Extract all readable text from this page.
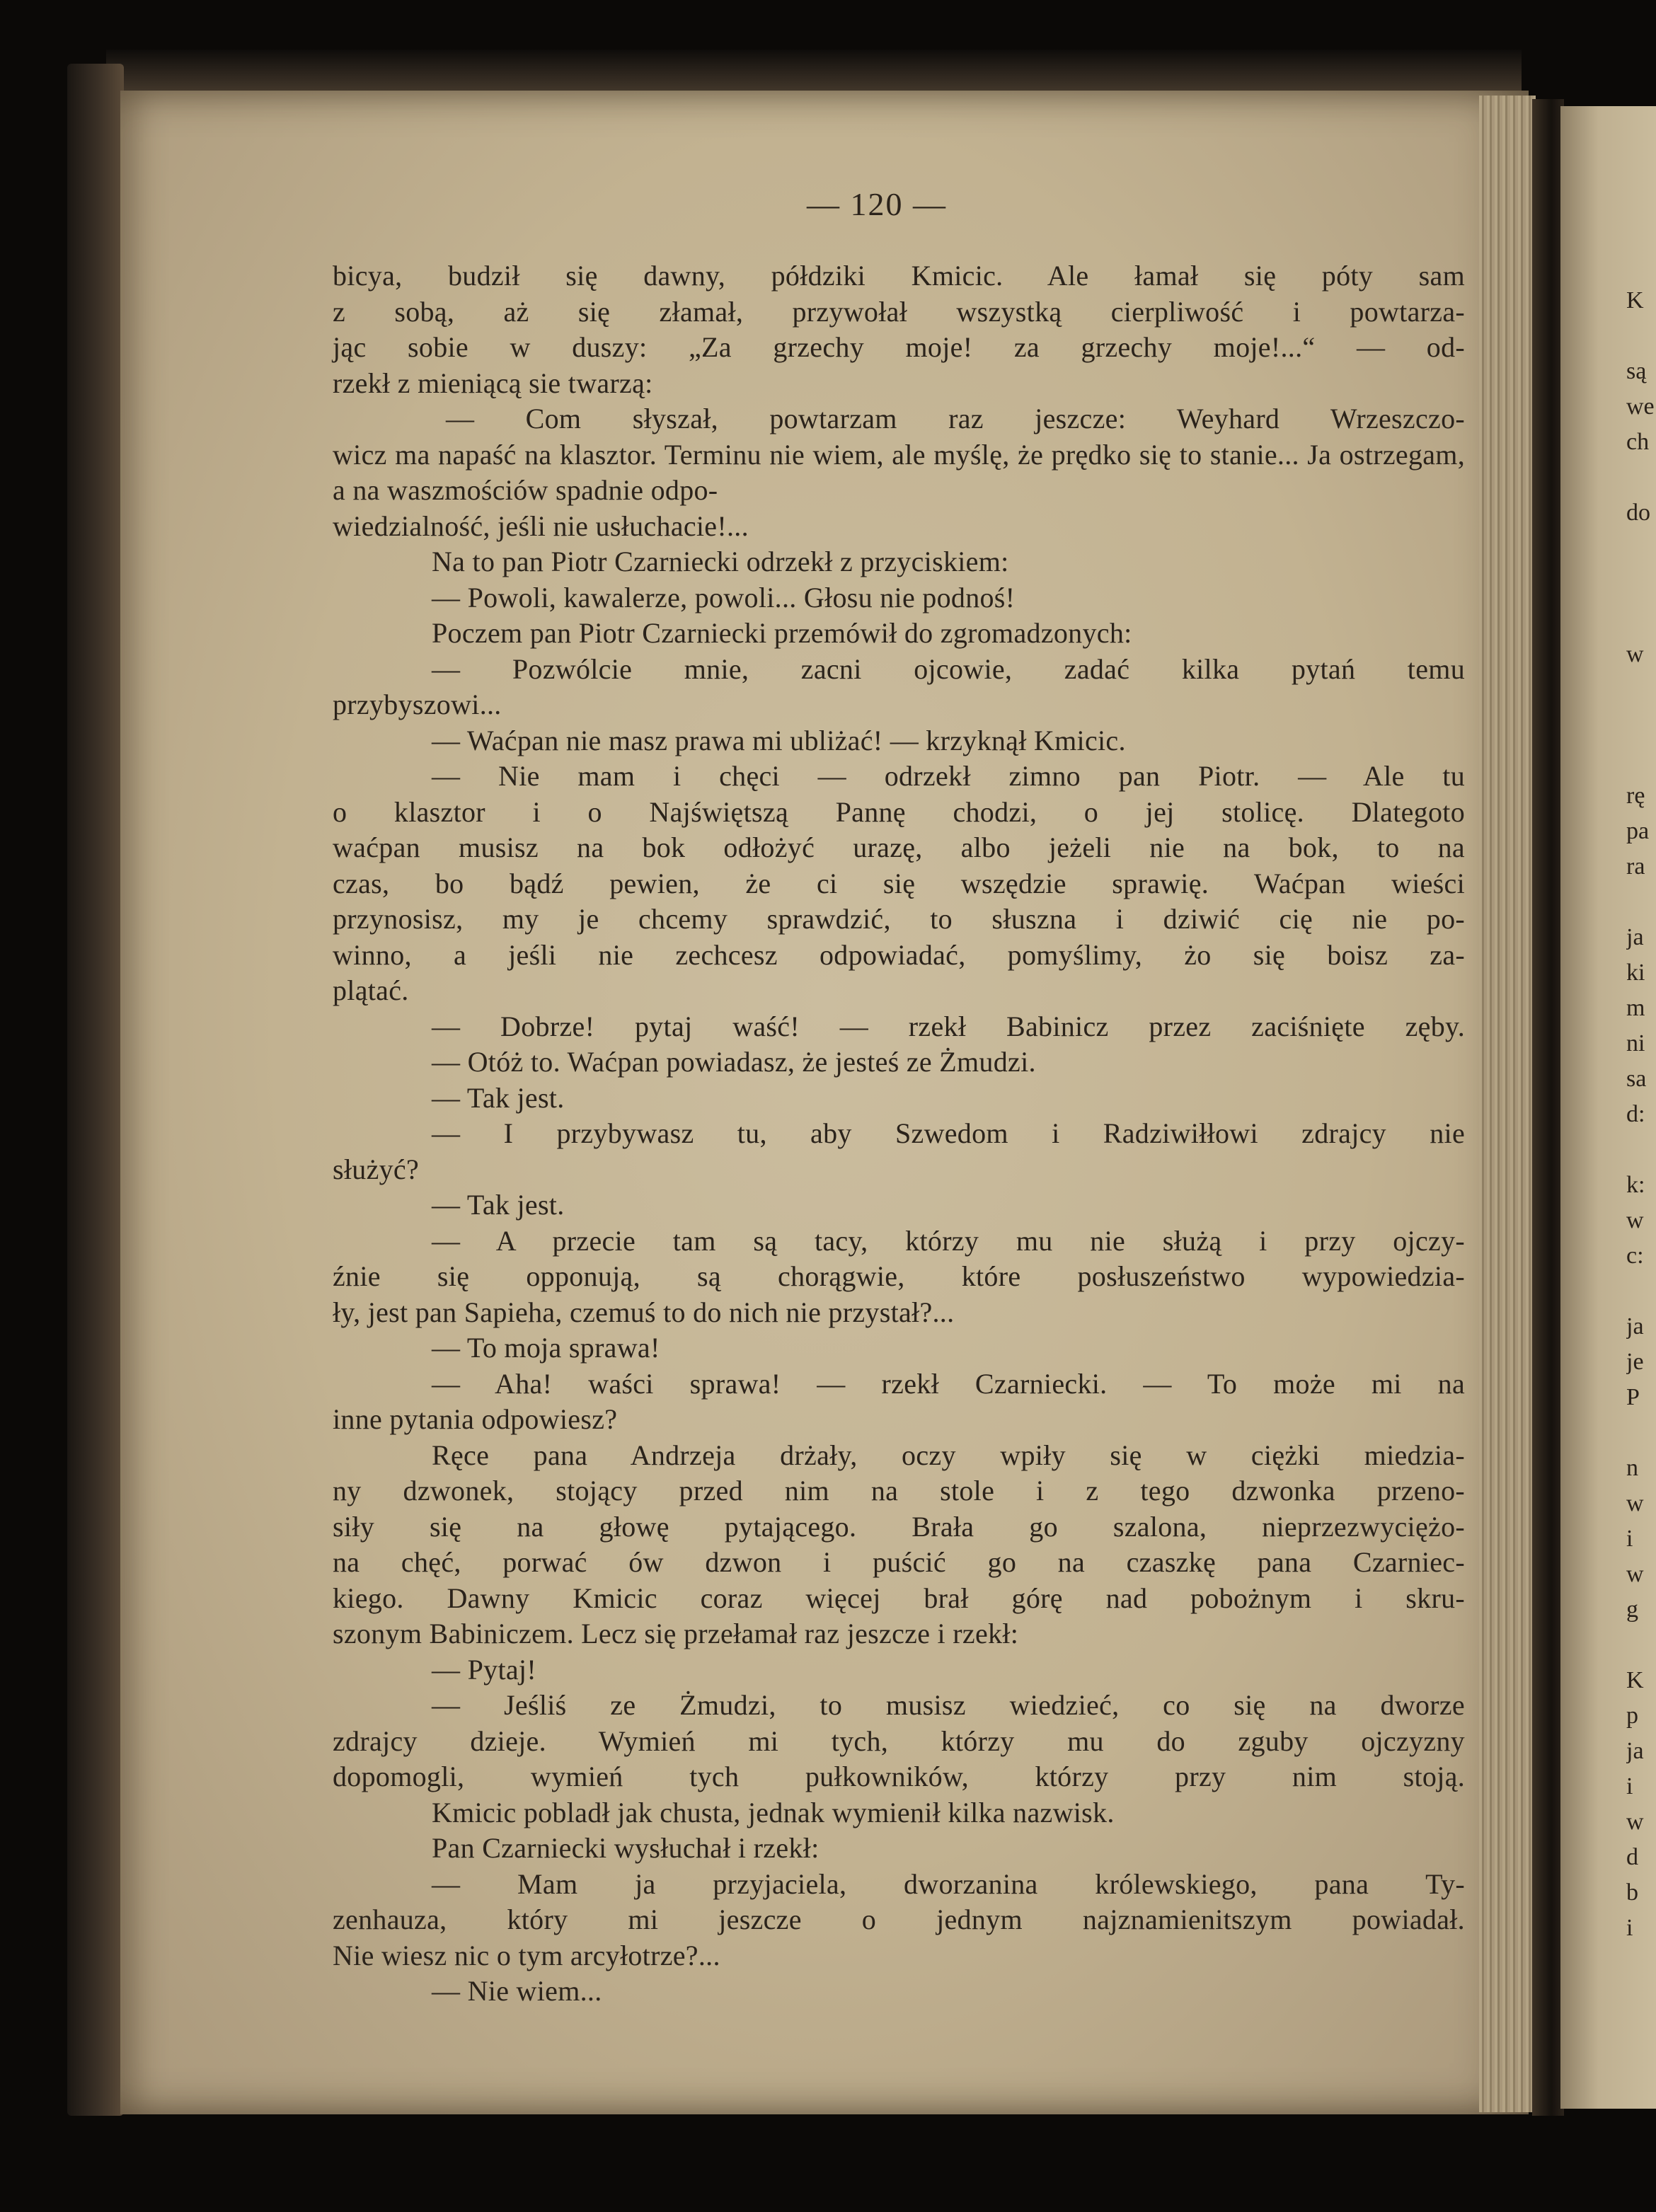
K

są
we
ch

do

w

rę
pa
ra

ja
ki
m
ni
sa
d:

k:
w
c:

ja
je
P

n
w
i
w
g

K
p
ja
i
w
d
b
i
— 120 —
bicya, budził się dawny, półdziki Kmicic. Ale łamał się póty sam
z sobą, aż się złamał, przywołał wszystką cierpliwość i powtarza-
jąc sobie w duszy: „Za grzechy moje! za grzechy moje!...“ — od-
rzekł z mieniącą sie twarzą:
— Com słyszał, powtarzam raz jeszcze: Weyhard Wrzeszczo-
wicz ma napaść na klasztor. Terminu nie wiem, ale myślę, że prędko się to stanie... Ja ostrzegam, a na waszmościów spadnie odpo-
wiedzialność, jeśli nie usłuchacie!...
Na to pan Piotr Czarniecki odrzekł z przyciskiem:
— Powoli, kawalerze, powoli... Głosu nie podnoś!
Poczem pan Piotr Czarniecki przemówił do zgromadzonych:
— Pozwólcie mnie, zacni ojcowie, zadać kilka pytań temu
przybyszowi...
— Waćpan nie masz prawa mi ubliżać! — krzyknął Kmicic.
— Nie mam i chęci — odrzekł zimno pan Piotr. — Ale tu
o klasztor i o Najświętszą Pannę chodzi, o jej stolicę. Dlategoto
waćpan musisz na bok odłożyć urazę, albo jeżeli nie na bok, to na
czas, bo bądź pewien, że ci się wszędzie sprawię. Waćpan wieści
przynosisz, my je chcemy sprawdzić, to słuszna i dziwić cię nie po-
winno, a jeśli nie zechcesz odpowiadać, pomyślimy, żo się boisz za-
plątać.
— Dobrze! pytaj waść! — rzekł Babinicz przez zaciśnięte zęby.
— Otóż to. Waćpan powiadasz, że jesteś ze Żmudzi.
— Tak jest.
— I przybywasz tu, aby Szwedom i Radziwiłłowi zdrajcy nie
służyć?
— Tak jest.
— A przecie tam są tacy, którzy mu nie służą i przy ojczy-
źnie się opponują, są chorągwie, które posłuszeństwo wypowiedzia-
ły, jest pan Sapieha, czemuś to do nich nie przystał?...
— To moja sprawa!
— Aha! waści sprawa! — rzekł Czarniecki. — To może mi na
inne pytania odpowiesz?
Ręce pana Andrzeja drżały, oczy wpiły się w ciężki miedzia-
ny dzwonek, stojący przed nim na stole i z tego dzwonka przeno-
siły się na głowę pytającego. Brała go szalona, nieprzezwyciężo-
na chęć, porwać ów dzwon i puścić go na czaszkę pana Czarniec-
kiego. Dawny Kmicic coraz więcej brał górę nad pobożnym i skru-
szonym Babiniczem. Lecz się przełamał raz jeszcze i rzekł:
— Pytaj!
— Jeśliś ze Żmudzi, to musisz wiedzieć, co się na dworze
zdrajcy dzieje. Wymień mi tych, którzy mu do zguby ojczyzny
dopomogli, wymień tych pułkowników, którzy przy nim stoją.
Kmicic pobladł jak chusta, jednak wymienił kilka nazwisk.
Pan Czarniecki wysłuchał i rzekł:
— Mam ja przyjaciela, dworzanina królewskiego, pana Ty-
zenhauza, który mi jeszcze o jednym najznamienitszym powiadał.
Nie wiesz nic o tym arcyłotrze?...
— Nie wiem...
